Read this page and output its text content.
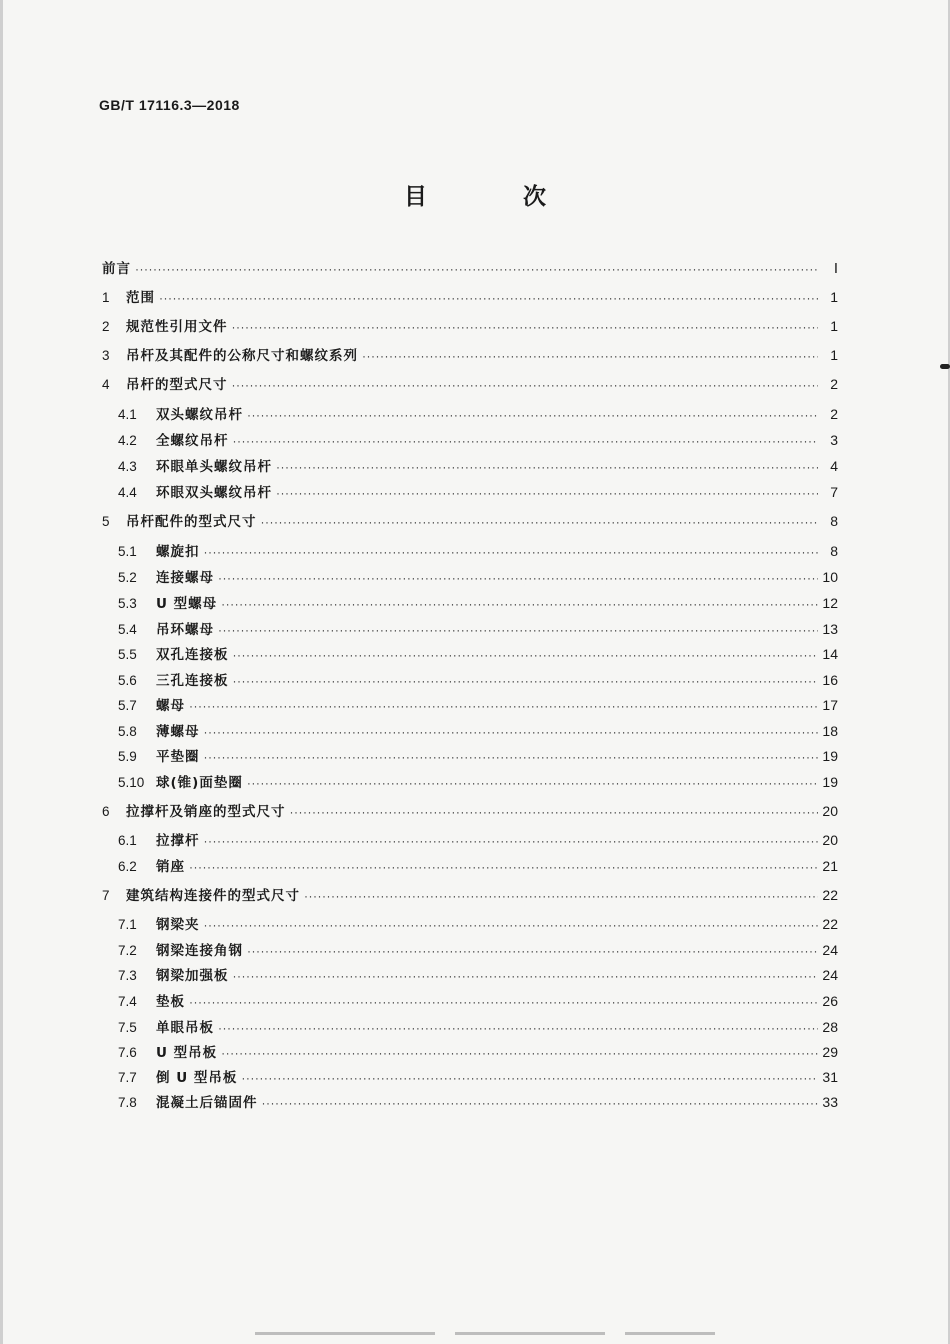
GB/T 17116.3—2018
目 次
前言 ·····	Ⅰ
1	范围 ·····	1
2	规范性引用文件 ·····	1
3	吊杆及其配件的公称尺寸和螺纹系列 ·····	1
4	吊杆的型式尺寸 ·····	2
4.1	双头螺纹吊杆 ·····	2
4.2	全螺纹吊杆 ·····	3
4.3	环眼单头螺纹吊杆 ·····	4
4.4	环眼双头螺纹吊杆 ·····	7
5	吊杆配件的型式尺寸 ·····	8
5.1	螺旋扣 ·····	8
5.2	连接螺母 ·····	10
5.3	U 型螺母 ·····	12
5.4	吊环螺母 ·····	13
5.5	双孔连接板 ·····	14
5.6	三孔连接板 ·····	16
5.7	螺母 ·····	17
5.8	薄螺母 ·····	18
5.9	平垫圈 ·····	19
5.10 球(锥)面垫圈 ·····	19
6	拉撑杆及销座的型式尺寸 ·····	20
6.1	拉撑杆 ·····	20
6.2	销座 ·····	21
7	建筑结构连接件的型式尺寸 ·····	22
7.1	钢梁夹 ·····	22
7.2	钢梁连接角钢 ·····	24
7.3	钢梁加强板 ·····	24
7.4	垫板 ·····	26
7.5	单眼吊板 ·····	28
7.6	U 型吊板 ·····	29
7.7	倒 U 型吊板 ·····	31
7.8	混凝土后锚固件 ·····	33
